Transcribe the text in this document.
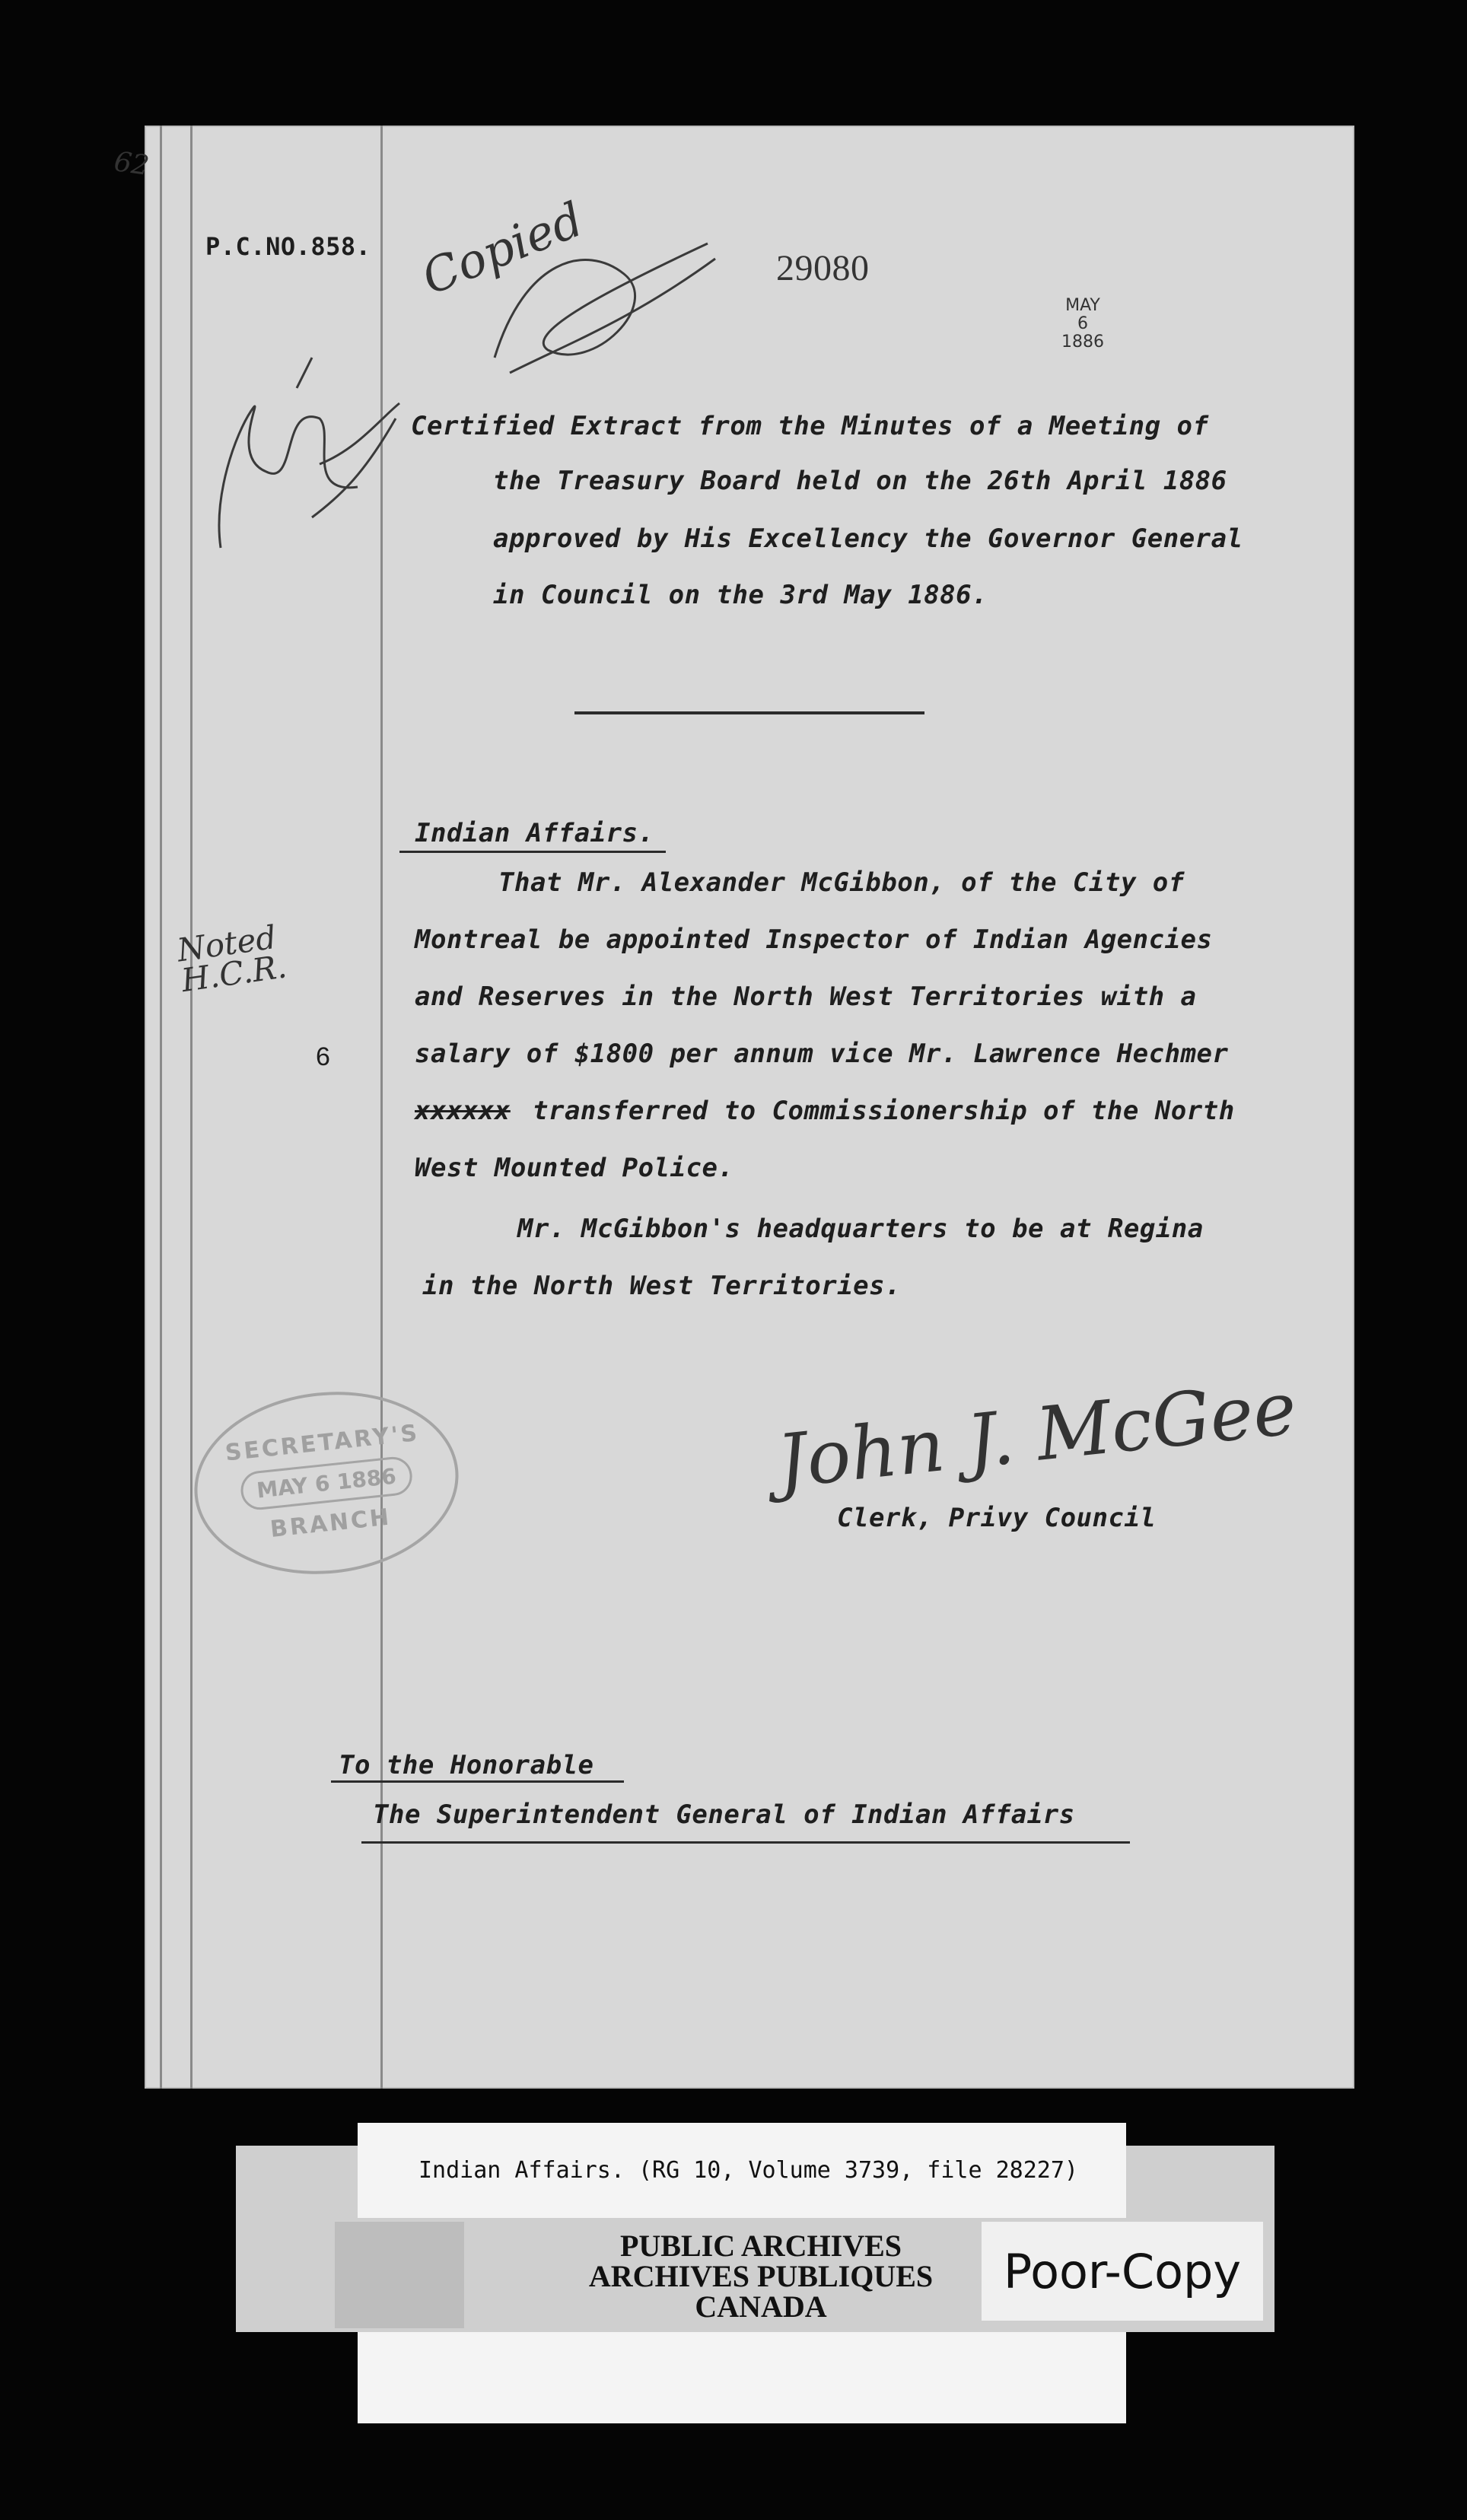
62
P.C.NO.858.
29080
Copied	MAY
6
1886
Certified Extract from the Minutes of a Meeting of
the Treasury Board held on the 26th April 1886
approved by His Excellency the Governor General
in Council on the 3rd May 1886.
Indian Affairs.
That Mr. Alexander McGibbon, of the City of
Montreal be appointed Inspector of Indian Agencies
and Reserves in the North West Territories with a
salary of $1800 per annum vice Mr. Lawrence Hechmer
xxxxxx transferred to Commissionership of the North
West Mounted Police.
Mr. McGibbon's headquarters to be at Regina
in the North West Territories.
6
Noted H.C.R.
SECRETARY'S
MAY 6 1886
BRANCH
John J. McGee
Clerk, Privy Council
To the Honorable
The Superintendent General of Indian Affairs
Indian Affairs. (RG 10, Volume 3739, file 28227)
PUBLIC ARCHIVES
ARCHIVES PUBLIQUES
CANADA
Poor-Copy
